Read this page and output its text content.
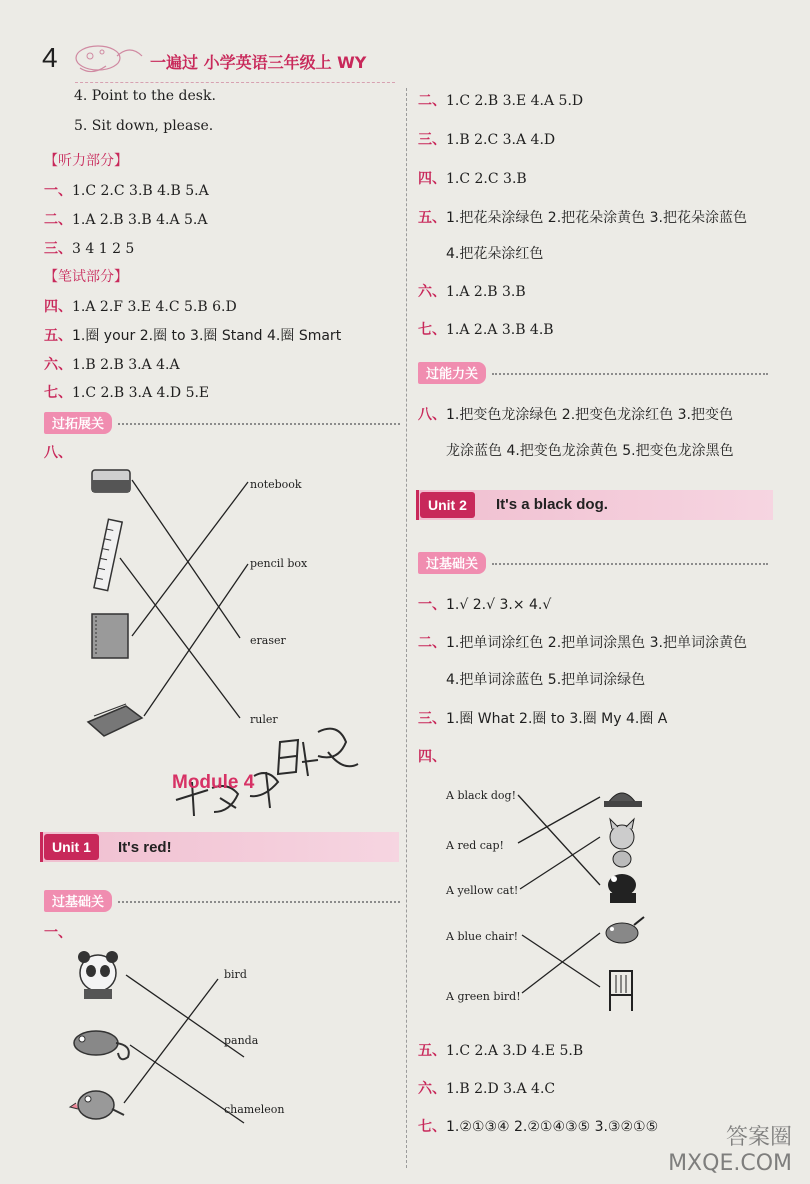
4	一遍过 小学英语三年级上 WY
4. Point to the desk.
5. Sit down, please.
【听力部分】
一、1.C 2.C 3.B 4.B 5.A
二、1.A 2.B 3.B 4.A 5.A
三、3 4 1 2 5
【笔试部分】
四、1.A 2.F 3.E 4.C 5.B 6.D
五、1.圈 your 2.圈 to 3.圈 Stand 4.圈 Smart
六、1.B 2.B 3.A 4.A
七、1.C 2.B 3.A 4.D 5.E
过拓展关
八、
notebook
pencil box
eraser
ruler
Module 4
Unit 1	It's red!
过基础关
一、
bird
panda
chameleon
二、1.C 2.B 3.E 4.A 5.D
三、1.B 2.C 3.A 4.D
四、1.C 2.C 3.B
五、1.把花朵涂绿色 2.把花朵涂黄色 3.把花朵涂蓝色
4.把花朵涂红色
六、1.A 2.B 3.B
七、1.A 2.A 3.B 4.B
过能力关
八、1.把变色龙涂绿色 2.把变色龙涂红色 3.把变色
龙涂蓝色 4.把变色龙涂黄色 5.把变色龙涂黑色
Unit 2	It's a black dog.
过基础关
一、1.√ 2.√ 3.× 4.√
二、1.把单词涂红色 2.把单词涂黑色 3.把单词涂黄色
4.把单词涂蓝色 5.把单词涂绿色
三、1.圈 What 2.圈 to 3.圈 My 4.圈 A
四、
A black dog!
A red cap!
A yellow cat!
A blue chair!
A green bird!
五、1.C 2.A 3.D 4.E 5.B
六、1.B 2.D 3.A 4.C
七、1.②①③④ 2.②①④③⑤ 3.③②①⑤	答案圈
MXQE.COM
